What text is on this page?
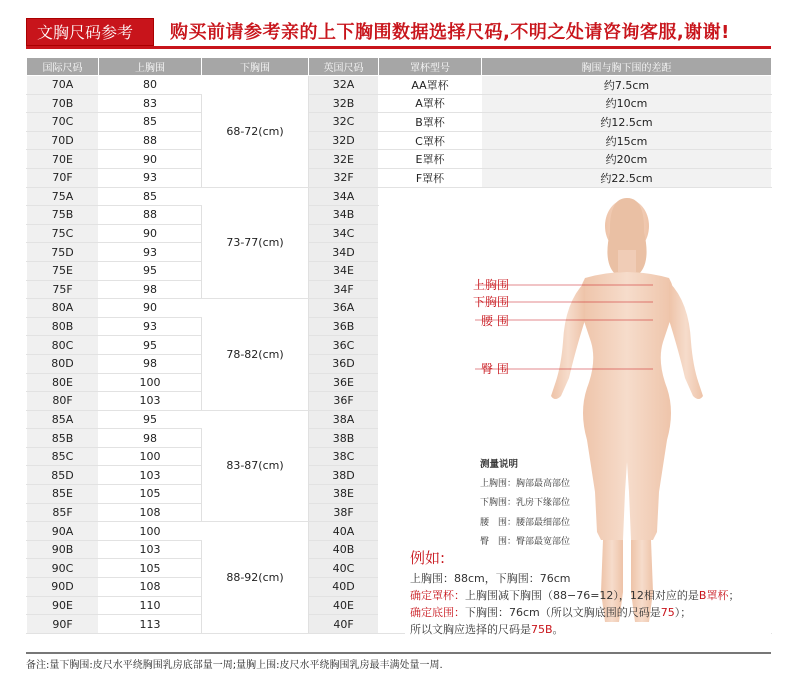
文胸尺码参考	购买前请参考亲的上下胸围数据选择尺码,不明之处请咨询客服,谢谢!
国际尺码	上胸围	下胸围	英国尺码	罩杯型号	胸围与胸下围的差距
70A	80	68-72(cm)	32A	AA罩杯	约7.5cm
70B	83		32B	A罩杯	约10cm
70C	85		32C	B罩杯	约12.5cm
70D	88		32D	C罩杯	约15cm
70E	90		32E	E罩杯	约20cm
70F	93		32F	F罩杯	约22.5cm
75A	85	73-77(cm)	34A		
75B	88		34B		
75C	90		34C		
75D	93		34D		
75E	95		34E		
75F	98		34F		
80A	90	78-82(cm)	36A		
80B	93		36B		
80C	95		36C		
80D	98		36D		
80E	100		36E		
80F	103		36F		
85A	95	83-87(cm)	38A		
85B	98		38B		
85C	100		38C		
85D	103		38D		
85E	105		38E		
85F	108		38F		
90A	100	88-92(cm)	40A		
90B	103		40B		
90C	105		40C		
90D	108		40D		
90E	110		40E		
90F	113		40F		
上胸围
下胸围
腰 围
臀 围
测量说明
上胸围：胸部最高部位
下胸围：乳房下缘部位
腰　围：腰部最细部位
臀　围：臀部最宽部位
例如:
上胸围：88cm，下胸围：76cm
确定罩杯：上胸围减下胸围（88−76=12），12相对应的是B罩杯；
确定底围：下胸围：76cm（所以文胸底围的尺码是75）；
所以文胸应选择的尺码是75B。
备注:量下胸围:皮尺水平绕胸围乳房底部量一周;量胸上围:皮尺水平绕胸围乳房最丰满处量一周.
